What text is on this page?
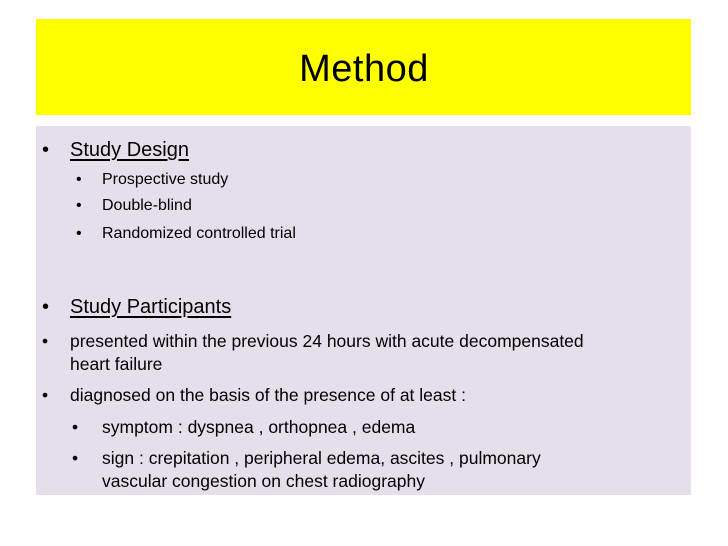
Method
• Study Design
• Prospective study
• Double-blind
• Randomized controlled trial
• Study Participants
• presented within the previous 24 hours with acute decompensated
heart failure
• diagnosed on the basis of the presence of at least :
• symptom : dyspnea , orthopnea , edema
• sign : crepitation , peripheral edema, ascites , pulmonary
vascular congestion on chest radiography
